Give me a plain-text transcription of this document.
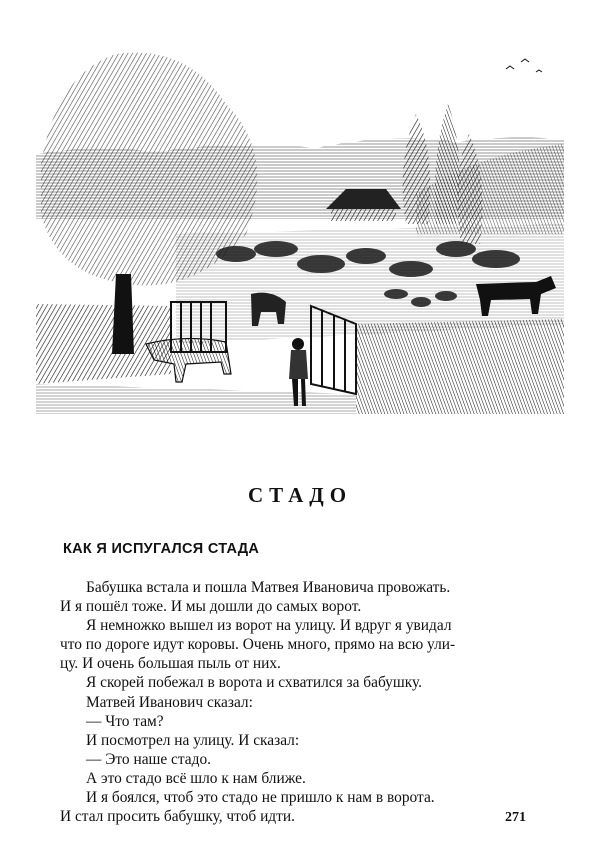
СТАДО
КАК Я ИСПУГАЛСЯ СТАДА

Бабушка встала и пошла Матвея Ивановича провожать.

И я пошёл тоже. И мы дошли до самых ворот.

Я немножко вышел из ворот на улицу. И вдруг я увидал

что по дороге идут коровы. Очень много, прямо на всю ули-

цу. И очень большая пыль от них.

Я скорей побежал в ворота и схватился за бабушку.

Матвей Иванович сказал:

— Что там?

И посмотрел на улицу. И сказал:

— Это наше стадо.

А это стадо всё шло к нам ближе.

И я боялся, чтоб это стадо не пришло к нам в ворота.

И стал просить бабушку, чтоб идти.	271
